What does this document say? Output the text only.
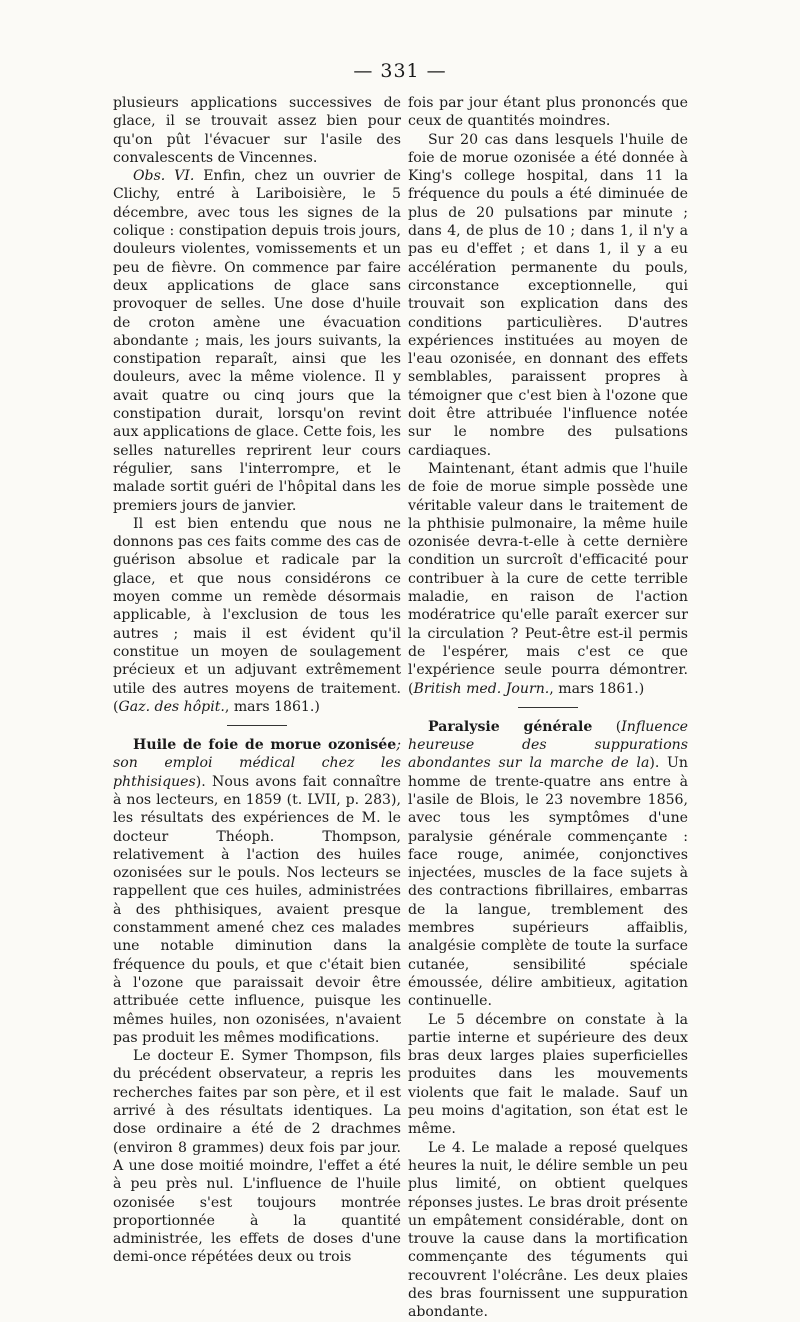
— 331 —

plusieurs applications successives de glace, il se trouvait assez bien pour qu'on pût l'évacuer sur l'asile des convalescents de Vincennes.

Obs. VI. Enfin, chez un ouvrier de Clichy, entré à Lariboisière, le 5 décembre, avec tous les signes de la colique : constipation depuis trois jours, douleurs violentes, vomissements et un peu de fièvre. On commence par faire deux applications de glace sans provoquer de selles. Une dose d'huile de croton amène une évacuation abondante ; mais, les jours suivants, la constipation reparaît, ainsi que les douleurs, avec la même violence. Il y avait quatre ou cinq jours que la constipation durait, lorsqu'on revint aux applications de glace. Cette fois, les selles naturelles reprirent leur cours régulier, sans l'interrompre, et le malade sortit guéri de l'hôpital dans les premiers jours de janvier.

Il est bien entendu que nous ne donnons pas ces faits comme des cas de guérison absolue et radicale par la glace, et que nous considérons ce moyen comme un remède désormais applicable, à l'exclusion de tous les autres ; mais il est évident qu'il constitue un moyen de soulagement précieux et un adjuvant extrêmement utile des autres moyens de traitement. (Gaz. des hôpit., mars 1861.)

Huile de foie de morue ozonisée; son emploi médical chez les phthisiques). Nous avons fait connaître à nos lecteurs, en 1859 (t. LVII, p. 283), les résultats des expériences de M. le docteur Théoph. Thompson, relativement à l'action des huiles ozonisées sur le pouls. Nos lecteurs se rappellent que ces huiles, administrées à des phthisiques, avaient presque constamment amené chez ces malades une notable diminution dans la fréquence du pouls, et que c'était bien à l'ozone que paraissait devoir être attribuée cette influence, puisque les mêmes huiles, non ozonisées, n'avaient pas produit les mêmes modifications.

Le docteur E. Symer Thompson, fils du précédent observateur, a repris les recherches faites par son père, et il est arrivé à des résultats identiques. La dose ordinaire a été de 2 drachmes (environ 8 grammes) deux fois par jour. A une dose moitié moindre, l'effet a été à peu près nul. L'influence de l'huile ozonisée s'est toujours montrée proportionnée à la quantité administrée, les effets de doses d'une demi-once répétées deux ou trois

fois par jour étant plus prononcés que ceux de quantités moindres.

Sur 20 cas dans lesquels l'huile de foie de morue ozonisée a été donnée à King's college hospital, dans 11 la fréquence du pouls a été diminuée de plus de 20 pulsations par minute ; dans 4, de plus de 10 ; dans 1, il n'y a pas eu d'effet ; et dans 1, il y a eu accélération permanente du pouls, circonstance exceptionnelle, qui trouvait son explication dans des conditions particulières. D'autres expériences instituées au moyen de l'eau ozonisée, en donnant des effets semblables, paraissent propres à témoigner que c'est bien à l'ozone que doit être attribuée l'influence notée sur le nombre des pulsations cardiaques.

Maintenant, étant admis que l'huile de foie de morue simple possède une véritable valeur dans le traitement de la phthisie pulmonaire, la même huile ozonisée devra-t-elle à cette dernière condition un surcroît d'efficacité pour contribuer à la cure de cette terrible maladie, en raison de l'action modératrice qu'elle paraît exercer sur la circulation ? Peut-être est-il permis de l'espérer, mais c'est ce que l'expérience seule pourra démontrer. (British med. Journ., mars 1861.)

Paralysie générale (Influence heureuse des suppurations abondantes sur la marche de la). Un homme de trente-quatre ans entre à l'asile de Blois, le 23 novembre 1856, avec tous les symptômes d'une paralysie générale commençante : face rouge, animée, conjonctives injectées, muscles de la face sujets à des contractions fibrillaires, embarras de la langue, tremblement des membres supérieurs affaiblis, analgésie complète de toute la surface cutanée, sensibilité spéciale émoussée, délire ambitieux, agitation continuelle.

Le 5 décembre on constate à la partie interne et supérieure des deux bras deux larges plaies superficielles produites dans les mouvements violents que fait le malade. Sauf un peu moins d'agitation, son état est le même.

Le 4. Le malade a reposé quelques heures la nuit, le délire semble un peu plus limité, on obtient quelques réponses justes. Le bras droit présente un empâtement considérable, dont on trouve la cause dans la mortification commençante des téguments qui recouvrent l'olécrâne. Les deux plaies des bras fournissent une suppuration abondante.
